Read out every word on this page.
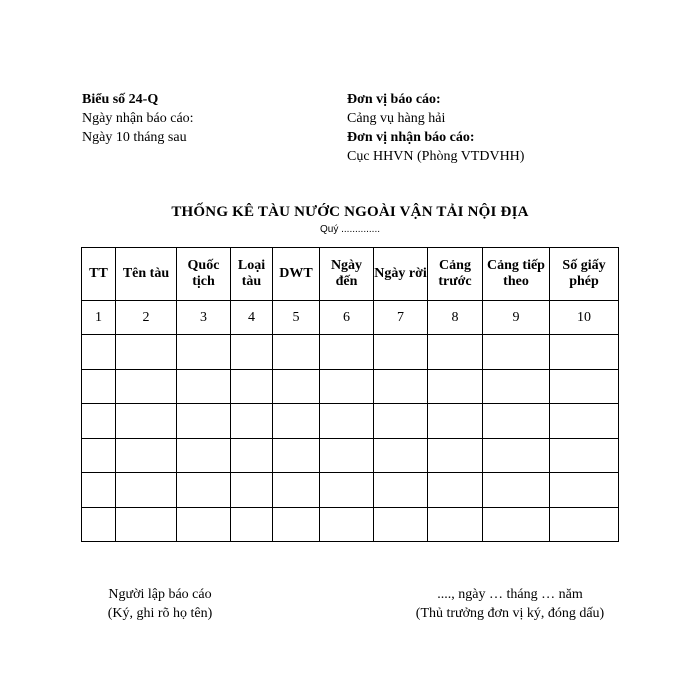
Biểu số 24-Q
Ngày nhận báo cáo:
Ngày 10 tháng sau
Đơn vị báo cáo:
Cảng vụ hàng hải
Đơn vị nhận báo cáo:
Cục HHVN (Phòng VTDVHH)
THỐNG KÊ TÀU NƯỚC NGOÀI VẬN TẢI NỘI ĐỊA
Quý ..............
TT	Tên tàu	Quốc tịch	Loại tàu	DWT	Ngày đến	Ngày rời	Cảng trước	Cảng tiếp theo	Số giấy phép
1	2	3	4	5	6	7	8	9	10

Người lập báo cáo
(Ký, ghi rõ họ tên)
...., ngày … tháng … năm
(Thủ trưởng đơn vị ký, đóng dấu)
